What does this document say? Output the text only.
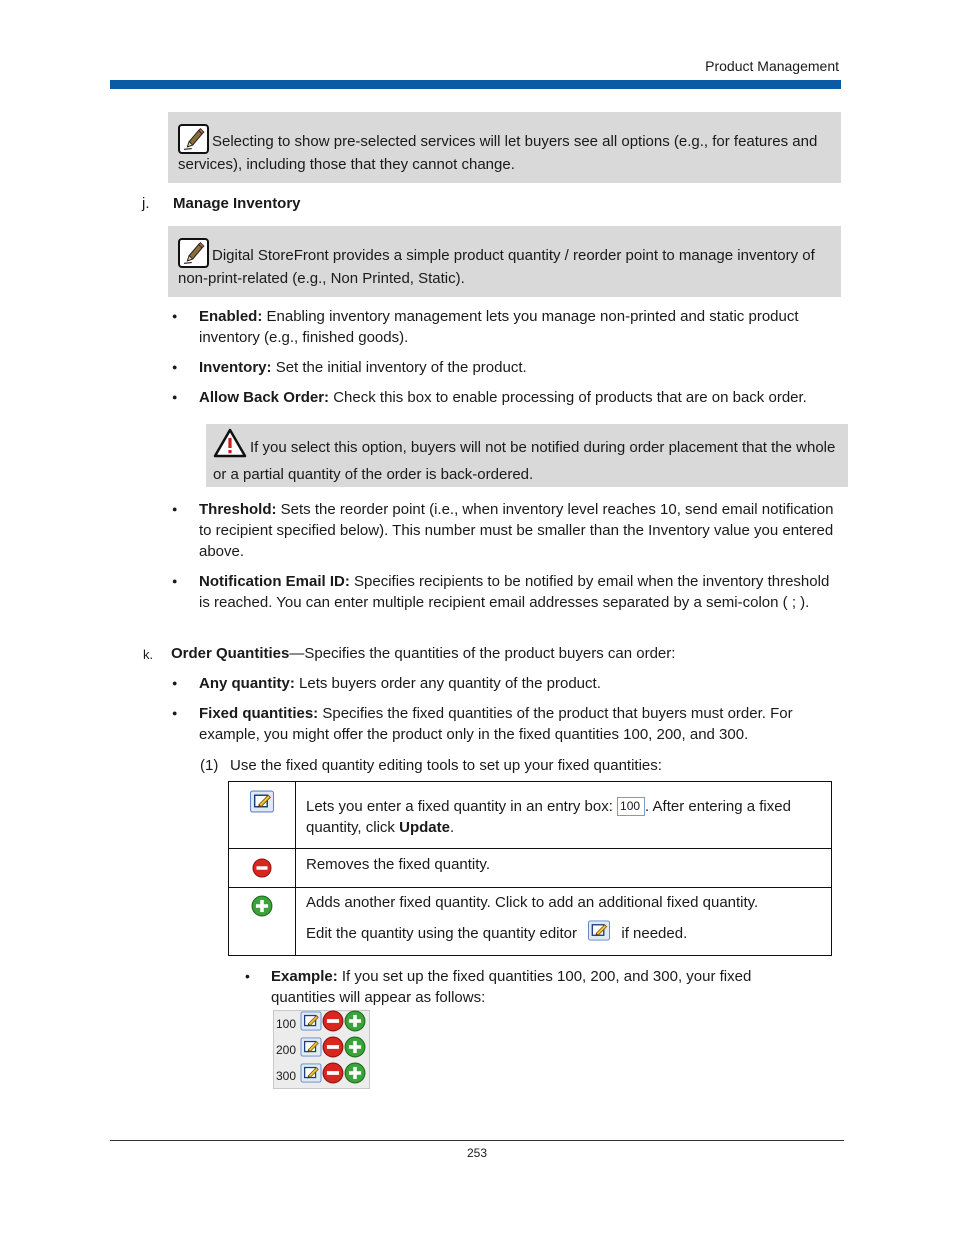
Product Management
Selecting to show pre-selected services will let buyers see all options (e.g., for features and services), including those that they cannot change.
j. Manage Inventory
Digital StoreFront provides a simple product quantity / reorder point to manage inventory of non-print-related (e.g., Non Printed, Static).
● Enabled: Enabling inventory management lets you manage non-printed and static product inventory (e.g., finished goods).
● Inventory: Set the initial inventory of the product.
● Allow Back Order: Check this box to enable processing of products that are on back order.
If you select this option, buyers will not be notified during order placement that the whole or a partial quantity of the order is back-ordered.
● Threshold: Sets the reorder point (i.e., when inventory level reaches 10, send email notification to recipient specified below). This number must be smaller than the Inventory value you entered above.
● Notification Email ID: Specifies recipients to be notified by email when the inventory threshold is reached. You can enter multiple recipient email addresses separated by a semi-colon ( ; ).
k. Order Quantities—Specifies the quantities of the product buyers can order:
● Any quantity: Lets buyers order any quantity of the product.
● Fixed quantities: Specifies the fixed quantities of the product that buyers must order. For example, you might offer the product only in the fixed quantities 100, 200, and 300.
(1) Use the fixed quantity editing tools to set up your fixed quantities:
	Lets you enter a fixed quantity in an entry box: 100 . After entering a fixed quantity, click Update.
	Removes the fixed quantity.

Adds another fixed quantity. Click to add an additional fixed quantity.
Edit the quantity using the quantity editor if needed.
• Example: If you set up the fixed quantities 100, 200, and 300, your fixed quantities will appear as follows:
100
200
300
253
